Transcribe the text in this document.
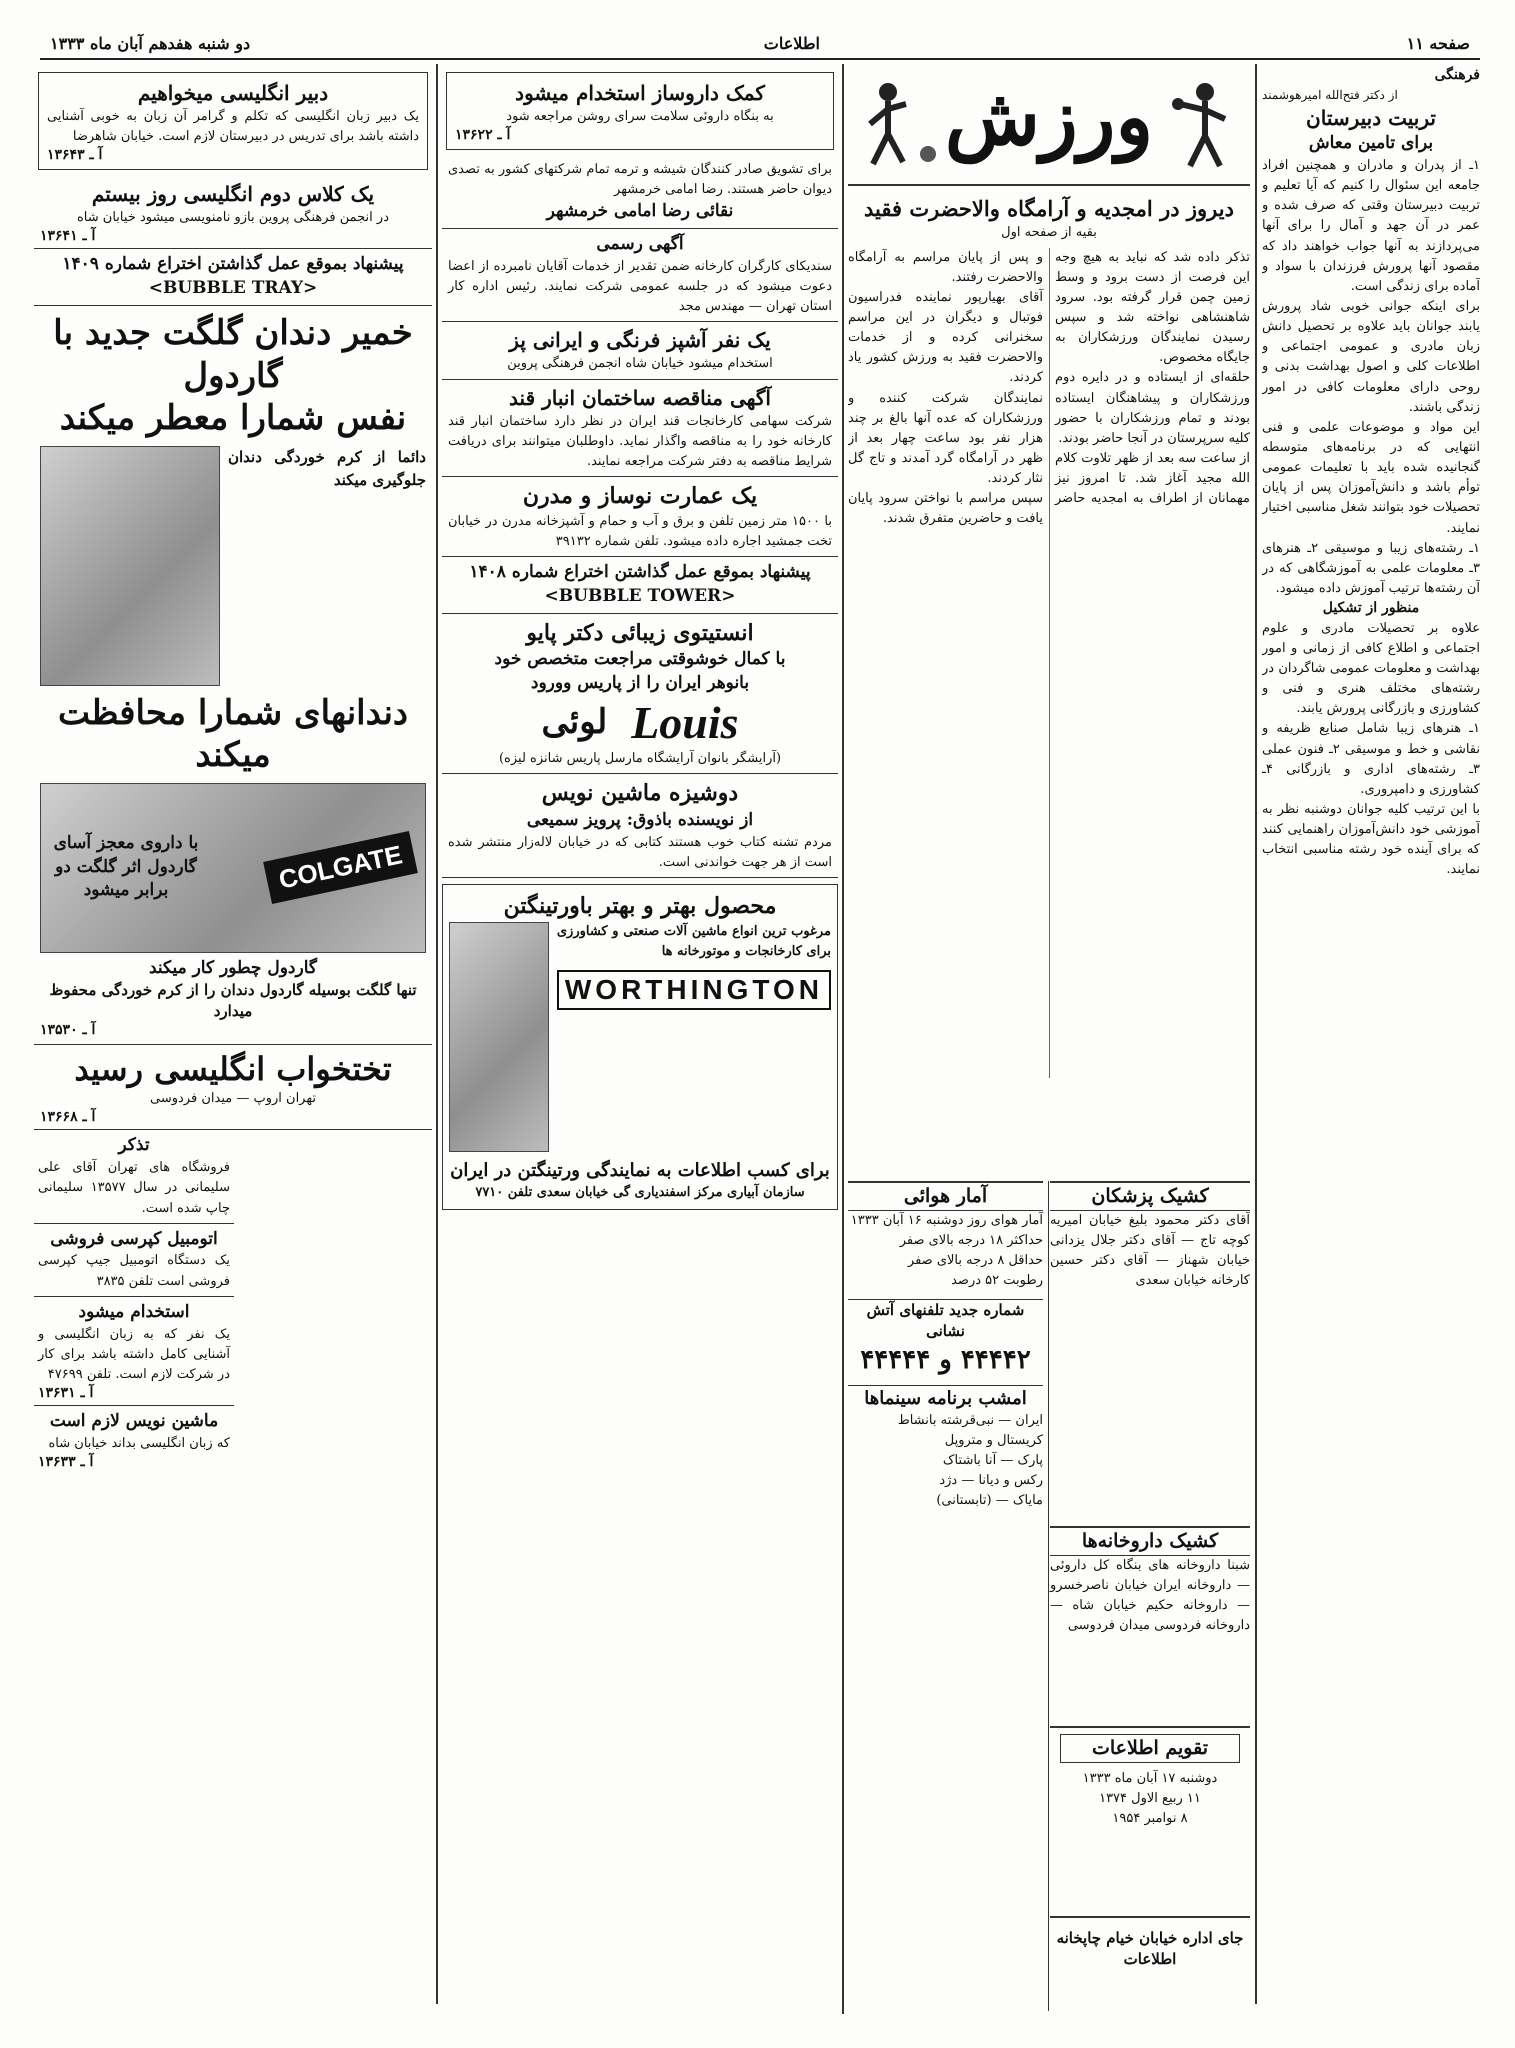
صفحه ۱۱
اطلاعات
دو شنبه هفدهم آبان ماه ۱۳۳۳
فرهنگی
از دکتر فتح‌الله امیرهوشمند
تربیت دبیرستان
برای تامین معاش

۱ـ از پدران و مادران و همچنین افراد جامعه این سئوال را کنیم که آیا تعلیم و تربیت دبیرستان وقتی که صرف شده و عمر در آن جهد و آمال را برای آنها می‌پردازند به آنها جواب خواهند داد که مقصود آنها پرورش فرزندان با سواد و آماده برای زندگی است.

برای اینکه جوانی خوبی شاد پرورش یابند جوانان باید علاوه بر تحصیل دانش زبان مادری و عمومی اجتماعی و اطلاعات کلی و اصول بهداشت بدنی و روحی دارای معلومات کافی در امور زندگی باشند.

این مواد و موضوعات علمی و فنی انتهایی که در برنامه‌های متوسطه گنجانیده شده باید با تعلیمات عمومی توأم باشد و دانش‌آموزان پس از پایان تحصیلات خود بتوانند شغل مناسبی اختیار نمایند.

۱ـ رشته‌های زیبا و موسیقی ۲ـ هنرهای ۳ـ معلومات علمی به آموزشگاهی که در آن رشته‌ها ترتیب آموزش داده میشود.

منظور از تشکیل

علاوه بر تحصیلات مادری و علوم اجتماعی و اطلاع کافی از زمانی و امور بهداشت و معلومات عمومی شاگردان در رشته‌های مختلف هنری و فنی و کشاورزی و بازرگانی پرورش یابند.

۱ـ هنرهای زیبا شامل صنایع ظریفه و نقاشی و خط و موسیقی ۲ـ فنون عملی ۳ـ رشته‌های اداری و بازرگانی ۴ـ کشاورزی و دامپروری.

با این ترتیب کلیه جوانان دوشنبه نظر به آموزشی خود دانش‌آموزان راهنمایی کنند که برای آینده خود رشته مناسبی انتخاب نمایند.

ورزش
دیروز در امجدیه و آرامگاه والاحضرت فقید
بقیه از صفحه اول

تذکر داده شد که نباید به هیچ وجه این فرصت از دست برود و وسط زمین چمن قرار گرفته بود. سرود شاهنشاهی نواخته شد و سپس رسیدن نمایندگان ورزشکاران به جایگاه مخصوص.

حلقه‌ای از ایستاده و در دایره دوم ورزشکاران و پیشاهنگان ایستاده بودند و تمام ورزشکاران با حضور کلیه سرپرستان در آنجا حاضر بودند.

از ساعت سه بعد از ظهر تلاوت کلام الله مجید آغاز شد. تا امروز نیز مهمانان از اطراف به امجدیه حاضر و پس از پایان مراسم به آرامگاه والاحضرت رفتند.

آقای بهیارپور نماینده فدراسیون فوتبال و دیگران در این مراسم سخنرانی کرده و از خدمات والاحضرت فقید به ورزش کشور یاد کردند.

نمایندگان شرکت کننده و ورزشکاران که عده آنها بالغ بر چند هزار نفر بود ساعت چهار بعد از ظهر در آرامگاه گرد آمدند و تاج گل نثار کردند.

سپس مراسم با نواختن سرود پایان یافت و حاضرین متفرق شدند.

کشیک پزشکان

آقای دکتر محمود بلیغ خیابان امیریه کوچه تاج — آقای دکتر جلال یزدانی خیابان شهناز — آقای دکتر حسین کارخانه خیابان سعدی

کشیک داروخانه‌ها

شبنا داروخانه های بنگاه کل داروئی — داروخانه ایران خیابان ناصرخسرو — داروخانه حکیم خیابان شاه — داروخانه فردوسی میدان فردوسی

تقویم اطلاعات
دوشنبه ۱۷ آبان ماه ۱۳۳۳
۱۱ ربیع الاول ۱۳۷۴
۸ نوامبر ۱۹۵۴
جای اداره خیابان خیام چاپخانه اطلاعات
آمار هوائی
آمار هوای روز دوشنبه ۱۶ آبان ۱۳۳۳
حداکثر ۱۸ درجه بالای صفر
حداقل ۸ درجه بالای صفر
رطوبت ۵۲ درصد
شماره جدید تلفنهای آتش نشانی
۴۴۴۴۲ و ۴۴۴۴۴
امشب برنامه سینماها
ایران — نبی‌قرشته بانشاط
کریستال و متروپل
پارک — آنا باشتاک
رکس و دیانا — دژد
مایاک — (تابستانی)
کمک داروساز استخدام میشود
به بنگاه داروئی سلامت سرای روشن مراجعه شود
آ ـ ۱۳۶۲۲

برای تشویق صادر کنندگان شیشه و ترمه تمام شرکتهای کشور به تصدی دیوان حاضر هستند. رضا امامی خرمشهر

نقائی رضا امامی خرمشهر
آگهی رسمی

سندیکای کارگران کارخانه ضمن تقدیر از خدمات آقایان نامبرده از اعضا دعوت میشود که در جلسه عمومی شرکت نمایند. رئیس اداره کار استان تهران — مهندس مجد

یک نفر آشپز فرنگی و ایرانی پز
استخدام میشود خیابان شاه انجمن فرهنگی پروین
آگهی مناقصه ساختمان انبار قند

شرکت سهامی کارخانجات قند ایران در نظر دارد ساختمان انبار قند کارخانه خود را به مناقصه واگذار نماید. داوطلبان میتوانند برای دریافت شرایط مناقصه به دفتر شرکت مراجعه نمایند.

یک عمارت نوساز و مدرن

با ۱۵۰۰ متر زمین تلفن و برق و آب و حمام و آشپزخانه مدرن در خیابان تخت جمشید اجاره داده میشود. تلفن شماره ۳۹۱۳۲

پیشنهاد بموقع عمل گذاشتن اختراع شماره ۱۴۰۸
<BUBBLE TOWER>
انستیتوی زیبائی دکتر پایو
با کمال خوشوقتی مراجعت متخصص خود
بانوهر ایران را از پاریس وورود
Louis
لوئی
(آرایشگر بانوان آرایشگاه مارسل پاریس شانزه لیزه)
دوشیزه ماشین نویس
از نویسنده باذوق: پرویز سمیعی

مردم تشنه کتاب خوب هستند کتابی که در خیابان لاله‌زار منتشر شده است از هر جهت خواندنی است.

محصول بهتر و بهتر باورتینگتن

مرغوب ترین انواع ماشین آلات صنعتی و کشاورزی برای کارخانجات و موتورخانه ها

WORTHINGTON
برای کسب اطلاعات به نمایندگی ورتینگتن در ایران
سازمان آبیاری مرکز اسفندیاری گی خیابان سعدی تلفن ۷۷۱۰
دبیر انگلیسی میخواهیم

یک دبیر زبان انگلیسی که تکلم و گرامر آن زبان به خوبی آشنایی داشته باشد برای تدریس در دبیرستان لازم است. خیابان شاهرضا

آ ـ ۱۳۶۴۳
یک کلاس دوم انگلیسی روز بیستم
در انجمن فرهنگی پروین بازو نامنویسی میشود خیابان شاه
آ ـ ۱۳۶۴۱
پیشنهاد بموقع عمل گذاشتن اختراع شماره ۱۴۰۹
<BUBBLE TRAY>
خمیر دندان گلگت جدید با گاردول
نفس شمارا معطر میکند
دائما از کرم خوردگی دندان جلوگیری میکند
دندانهای شمارا محافظت میکند
COLGATE
با داروی معجز آسای گاردول اثر گلگت دو برابر میشود
گاردول چطور کار میکند
تنها گلگت بوسیله گاردول دندان را از کرم خوردگی محفوظ میدارد
آ ـ ۱۳۵۳۰
تختخواب انگلیسی رسید
تهران اروپ — میدان فردوسی
آ ـ ۱۳۶۶۸
تذکر

فروشگاه های تهران آقای علی سلیمانی در سال ۱۳۵۷۷ سلیمانی چاپ شده است.

اتومبیل کپرسی فروشی

یک دستگاه اتومبیل جیپ کپرسی فروشی است تلفن ۳۸۳۵

استخدام میشود

یک نفر که به زبان انگلیسی و آشنایی کامل داشته باشد برای کار در شرکت لازم است. تلفن ۴۷۶۹۹

آ ـ ۱۳۶۳۱
ماشین نویس لازم است

که زبان انگلیسی بداند خیابان شاه

آ ـ ۱۳۶۳۳
